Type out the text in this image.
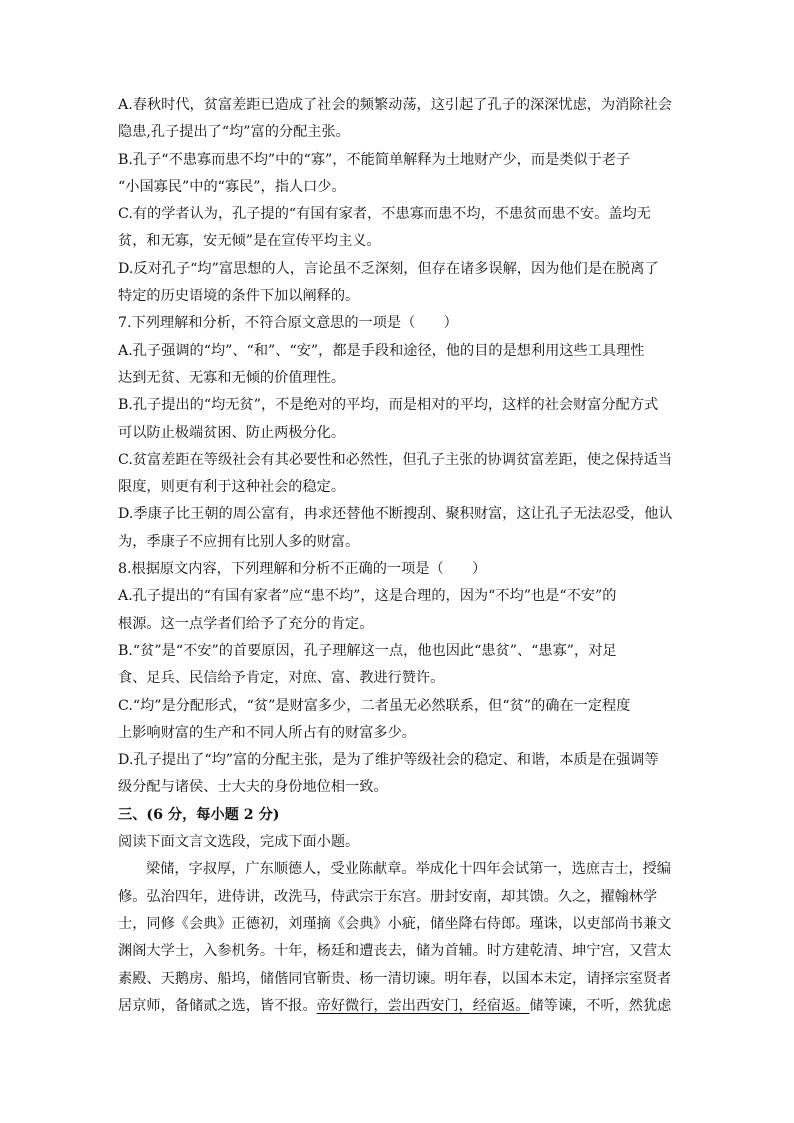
A.春秋时代，贫富差距已造成了社会的频繁动荡，这引起了孔子的深深忧虑，为消除社会
隐患,孔子提出了“均”富的分配主张。
B.孔子“不患寡而患不均”中的“寡”，不能简单解释为土地财产少，而是类似于老子
“小国寡民”中的“寡民”，指人口少。
C.有的学者认为，孔子提的“有国有家者，不患寡而患不均，不患贫而患不安。盖均无
贫，和无寡，安无倾”是在宣传平均主义。
D.反对孔子“均”富思想的人，言论虽不乏深刻，但存在诸多误解，因为他们是在脱离了
特定的历史语境的条件下加以阐释的。
7.下列理解和分析，不符合原文意思的一项是（　　）
A.孔子强调的“均”、“和”、“安”，都是手段和途径，他的目的是想利用这些工具理性
达到无贫、无寡和无倾的价值理性。
B.孔子提出的“均无贫”，不是绝对的平均，而是相对的平均，这样的社会财富分配方式
可以防止极端贫困、防止两极分化。
C.贫富差距在等级社会有其必要性和必然性，但孔子主张的协调贫富差距，使之保持适当
限度，则更有利于这种社会的稳定。
D.季康子比王朝的周公富有，冉求还替他不断搜刮、聚积财富，这让孔子无法忍受，他认
为，季康子不应拥有比别人多的财富。
8.根据原文内容，下列理解和分析不正确的一项是（　　）
A.孔子提出的“有国有家者”应“患不均”，这是合理的，因为“不均”也是“不安”的
根源。这一点学者们给予了充分的肯定。
B.“贫”是“不安”的首要原因，孔子理解这一点，他也因此“患贫”、“患寡”，对足
食、足兵、民信给予肯定，对庶、富、教进行赞许。
C.“均”是分配形式，“贫”是财富多少，二者虽无必然联系，但“贫”的确在一定程度
上影响财富的生产和不同人所占有的财富多少。
D.孔子提出了“均”富的分配主张，是为了维护等级社会的稳定、和谐，本质是在强调等
级分配与诸侯、士大夫的身份地位相一致。
三、(6 分，每小题 2 分)
阅读下面文言文选段，完成下面小题。
梁储，字叔厚，广东顺德人，受业陈献章。举成化十四年会试第一，选庶吉士，授编
修。弘治四年，进侍讲，改洗马，侍武宗于东宫。册封安南，却其馈。久之，擢翰林学
士，同修《会典》正德初，刘瑾摘《会典》小疵，储坐降右侍郎。瑾诛，以吏部尚书兼文
渊阁大学士，入参机务。十年，杨廷和遭丧去，储为首辅。时方建乾清、坤宁宫，又营太
素殿、天鹅房、船坞，储偕同官靳贵、杨一清切谏。明年春，以国本未定，请择宗室贤者
居京师，备储贰之选，皆不报。帝好微行，尝出西安门，经宿返。储等谏，不听，然犹虑
